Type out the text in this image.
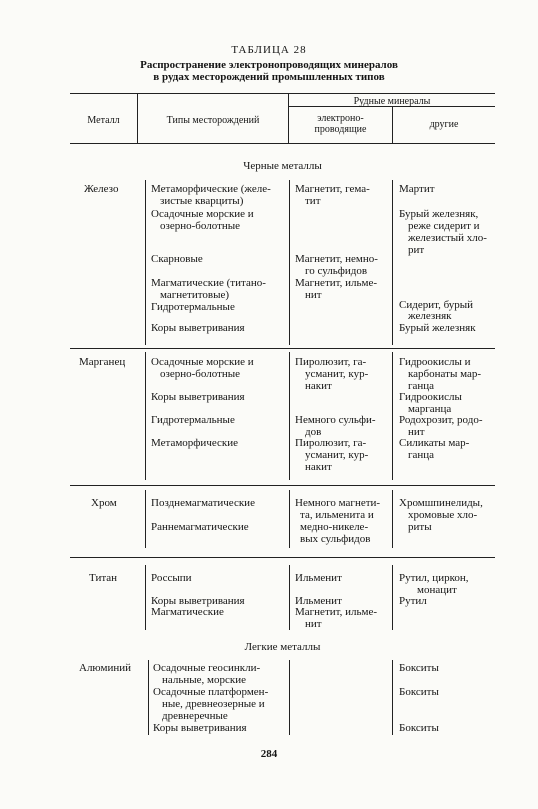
ТАБЛИЦА 28
Распространение электронопроводящих минералов
в рудах месторождений промышленных типов
Металл	Типы месторождений
Рудные минералы
электроно-
проводящие	другие
Черные металлы
Железо
Марганец
Хром
Титан
Алюминий
Метаморфические (желе-
зистые кварциты)
Осадочные морские и
озерно-болотные
Скарновые
Магматические (титано-
магнетитовые)
Гидротермальные
Коры выветривания
Осадочные морские и
озерно-болотные
Коры выветривания
Гидротермальные
Метаморфические
Позднемагматические
Раннемагматические
Россыпи
Коры выветривания
Магматические
Осадочные геосинкли-
нальные, морские
Осадочные платформен-
ные, древнеозерные и
древнеречные
Коры выветривания
Магнетит, гема-
тит
Магнетит, немно-
го сульфидов
Магнетит, ильме-
нит
Пиролюзит, га-
усманит, кур-
накит
Немного сульфи-
дов
Пиролюзит, га-
усманит, кур-
накит
Немного магнети-
та, ильменита и
медно-никеле-
вых сульфидов
Ильменит
Ильменит
Магнетит, ильме-
нит
Мартит
Бурый железняк,
реже сидерит и
железистый хло-
рит
Сидерит, бурый
железняк
Бурый железняк
Гидроокислы и
карбонаты мар-
ганца
Гидроокислы
марганца
Родохрозит, родо-
нит
Силикаты мар-
ганца
Хромшпинелиды,
хромовые хло-
риты
Рутил, циркон,
монацит
Рутил
Бокситы
Бокситы
Бокситы
Легкие металлы
284
